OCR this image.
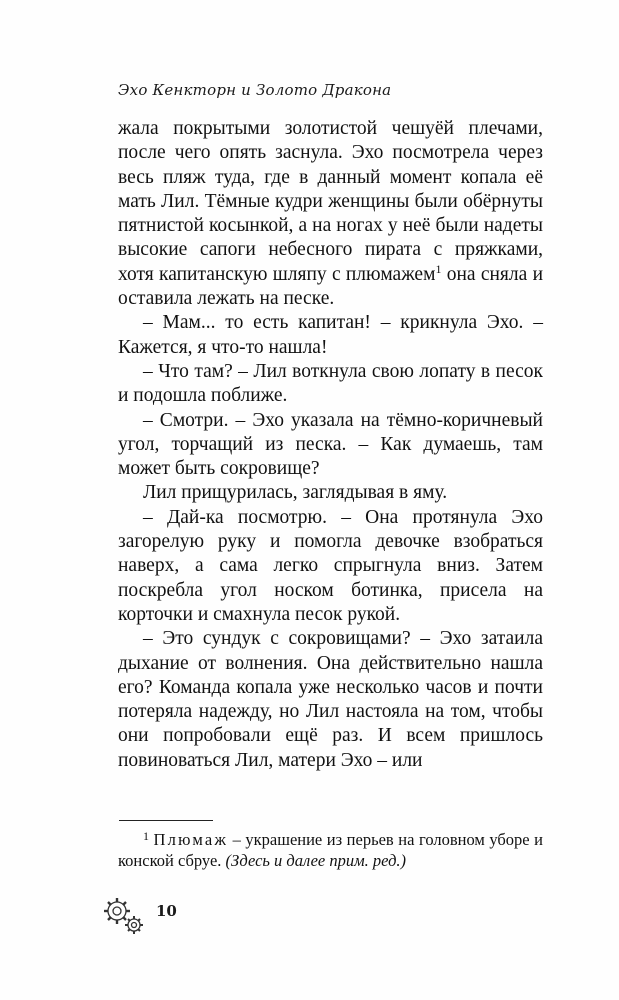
Эхо Кенкторн и Золото Дракона

жала покрытыми золотистой чешуёй плечами, после чего опять заснула. Эхо посмотрела через весь пляж туда, где в данный момент копала её мать Лил. Тёмные кудри женщины были обёрнуты пятнистой косынкой, а на ногах у неё были надеты высокие сапоги небесного пирата с пряжками, хотя капитанскую шляпу с плюмажем$^1$ она сняла и оставила лежать на песке.

– Мам... то есть капитан! – крикнула Эхо. – Кажется, я что-то нашла!

– Что там? – Лил воткнула свою лопату в песок и подошла поближе.

– Смотри. – Эхо указала на тёмно-коричневый угол, торчащий из песка. – Как думаешь, там может быть сокровище?

Лил прищурилась, заглядывая в яму.

– Дай-ка посмотрю. – Она протянула Эхо загорелую руку и помогла девочке взобраться наверх, а сама легко спрыгнула вниз. Затем поскребла угол носком ботинка, присела на корточки и смахнула песок рукой.

– Это сундук с сокровищами? – Эхо затаила дыхание от волнения. Она действительно нашла его? Команда копала уже несколько часов и почти потеряла надежду, но Лил настояла на том, чтобы они попробовали ещё раз. И всем пришлось повиноваться Лил, матери Эхо – или

$^1$ Плюмаж – украшение из перьев на головном уборе и конской сбруе. (Здесь и далее прим. ред.)
10
